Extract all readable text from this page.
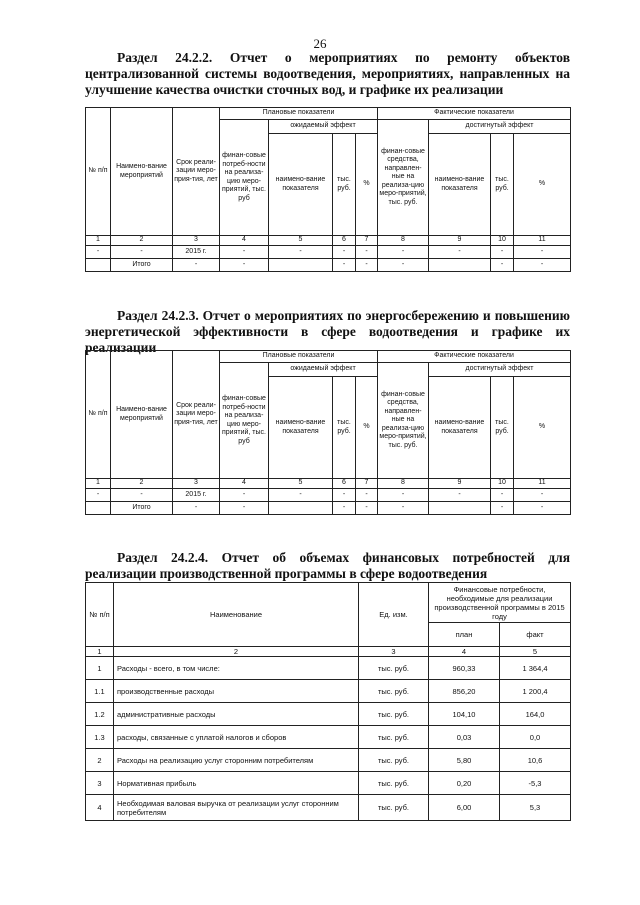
26
Раздел 24.2.2. Отчет о мероприятиях по ремонту объектов централизованной системы водоотведения, мероприятиях, направленных на улучшение качества очистки сточных вод, и графике их реализации
№ п/п	Наимено-вание мероприятий	Срок реали-зации меро-прия-тия, лет	Плановые показатели				Фактические показатели			
			финан-совые потреб-ности на реализа-цию меро-приятий, тыс. руб	ожидаемый эффект			финан-совые средства, направлен-ные на реализа-цию меро-приятий, тыс. руб.	достигнутый эффект		
				наимено-вание показателя	тыс. руб.	%		наимено-вание показателя	тыс. руб.	%
1	2	3	4	5	6	7	8	9	10	11
-	-	2015 г.	-	-	-	-	-	-	-	-
	Итого	-	-		-	-	-		-	-
Раздел 24.2.3. Отчет о мероприятиях по энергосбережению и повышению энергетической эффективности в сфере водоотведения и графике их реализации
№ п/п	Наимено-вание мероприятий	Срок реали-зации меро-прия-тия, лет	Плановые показатели				Фактические показатели			
			финан-совые потреб-ности на реализа-цию меро-приятий, тыс. руб	ожидаемый эффект			финан-совые средства, направлен-ные на реализа-цию меро-приятий, тыс. руб.	достигнутый эффект		
				наимено-вание показателя	тыс. руб.	%		наимено-вание показателя	тыс. руб.	%
1	2	3	4	5	6	7	8	9	10	11
-	-	2015 г.	-	-	-	-	-	-	-	-
	Итого	-	-		-	-	-		-	-
Раздел 24.2.4. Отчет об объемах финансовых потребностей для реализации производственной программы в сфере водоотведения
№ п/п	Наименование	Ед. изм.	Финансовые потребности, необходимые для реализации производственной программы в 2015 году	
			план	факт
1	2	3	4	5
1	Расходы - всего, в том числе:	тыс. руб.	960,33	1 364,4
1.1	производственные расходы	тыс. руб.	856,20	1 200,4
1.2	административные расходы	тыс. руб.	104,10	164,0
1.3	расходы, связанные с уплатой налогов и сборов	тыс. руб.	0,03	0,0
2	Расходы на реализацию услуг сторонним потребителям	тыс. руб.	5,80	10,6
3	Нормативная прибыль	тыс. руб.	0,20	-5,3
4	Необходимая валовая выручка от реализации услуг сторонним потребителям	тыс. руб.	6,00	5,3
